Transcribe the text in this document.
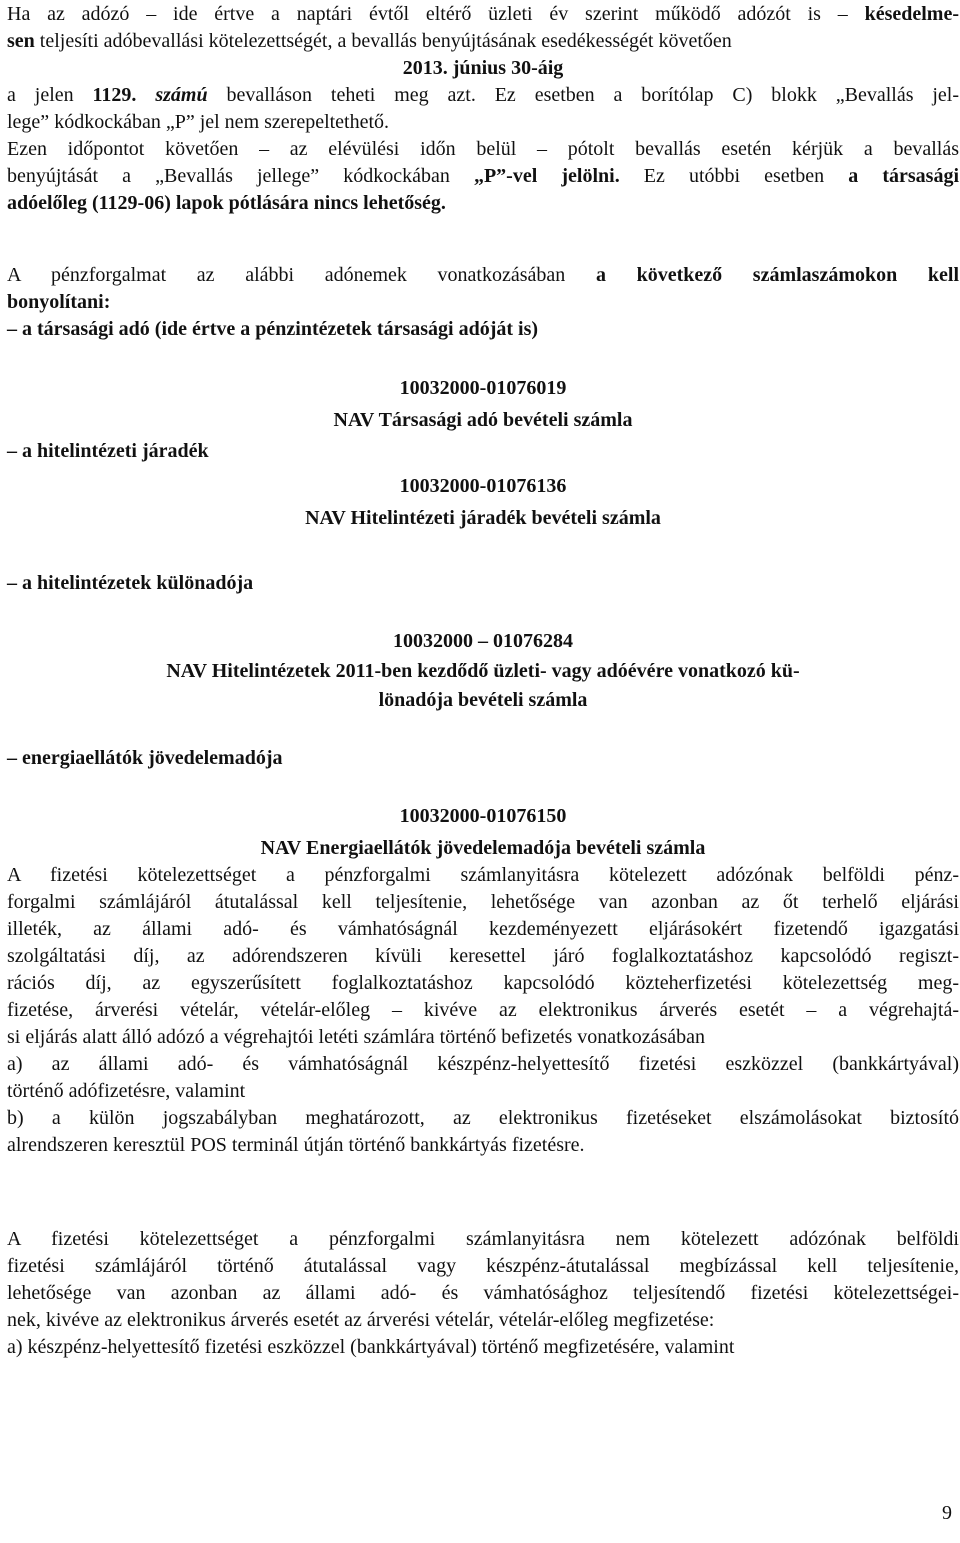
Ha az adózó – ide értve a naptári évtől eltérő üzleti év szerint működő adózót is – késedelme-
sen teljesíti adóbevallási kötelezettségét, a bevallás benyújtásának esedékességét követően
2013. június 30-áig
a jelen 1129. számú bevalláson teheti meg azt. Ez esetben a borítólap C) blokk „Bevallás jel-
lege” kódkockában „P” jel nem szerepeltethető.
Ezen időpontot követően – az elévülési időn belül – pótolt bevallás esetén kérjük a bevallás
benyújtását a „Bevallás jellege” kódkockában „P”-vel jelölni. Ez utóbbi esetben a társasági
adóelőleg (1129-06) lapok pótlására nincs lehetőség.
A pénzforgalmat az alábbi adónemek vonatkozásában a következő számlaszámokon kell
bonyolítani:
– a társasági adó (ide értve a pénzintézetek társasági adóját is)
10032000-01076019
NAV Társasági adó bevételi számla
– a hitelintézeti járadék
10032000-01076136
NAV Hitelintézeti járadék bevételi számla
– a hitelintézetek különadója
10032000 – 01076284
NAV Hitelintézetek 2011-ben kezdődő üzleti- vagy adóévére vonatkozó kü-
lönadója bevételi számla
– energiaellátók jövedelemadója
10032000-01076150
NAV Energiaellátók jövedelemadója bevételi számla
A fizetési kötelezettséget a pénzforgalmi számlanyitásra kötelezett adózónak belföldi pénz-
forgalmi számlájáról átutalással kell teljesítenie, lehetősége van azonban az őt terhelő eljárási
illeték, az állami adó- és vámhatóságnál kezdeményezett eljárásokért fizetendő igazgatási
szolgáltatási díj, az adórendszeren kívüli keresettel járó foglalkoztatáshoz kapcsolódó regiszt-
rációs díj, az egyszerűsített foglalkoztatáshoz kapcsolódó közteherfizetési kötelezettség meg-
fizetése, árverési vételár, vételár-előleg – kivéve az elektronikus árverés esetét – a végrehajtá-
si eljárás alatt álló adózó a végrehajtói letéti számlára történő befizetés vonatkozásában
a) az állami adó- és vámhatóságnál készpénz-helyettesítő fizetési eszközzel (bankkártyával)
történő adófizetésre, valamint
b) a külön jogszabályban meghatározott, az elektronikus fizetéseket elszámolásokat biztosító
alrendszeren keresztül POS terminál útján történő bankkártyás fizetésre.
A fizetési kötelezettséget a pénzforgalmi számlanyitásra nem kötelezett adózónak belföldi
fizetési számlájáról történő átutalással vagy készpénz-átutalással megbízással kell teljesítenie,
lehetősége van azonban az állami adó- és vámhatósághoz teljesítendő fizetési kötelezettségei-
nek, kivéve az elektronikus árverés esetét az árverési vételár, vételár-előleg megfizetése:
a) készpénz-helyettesítő fizetési eszközzel (bankkártyával) történő megfizetésére, valamint
9
